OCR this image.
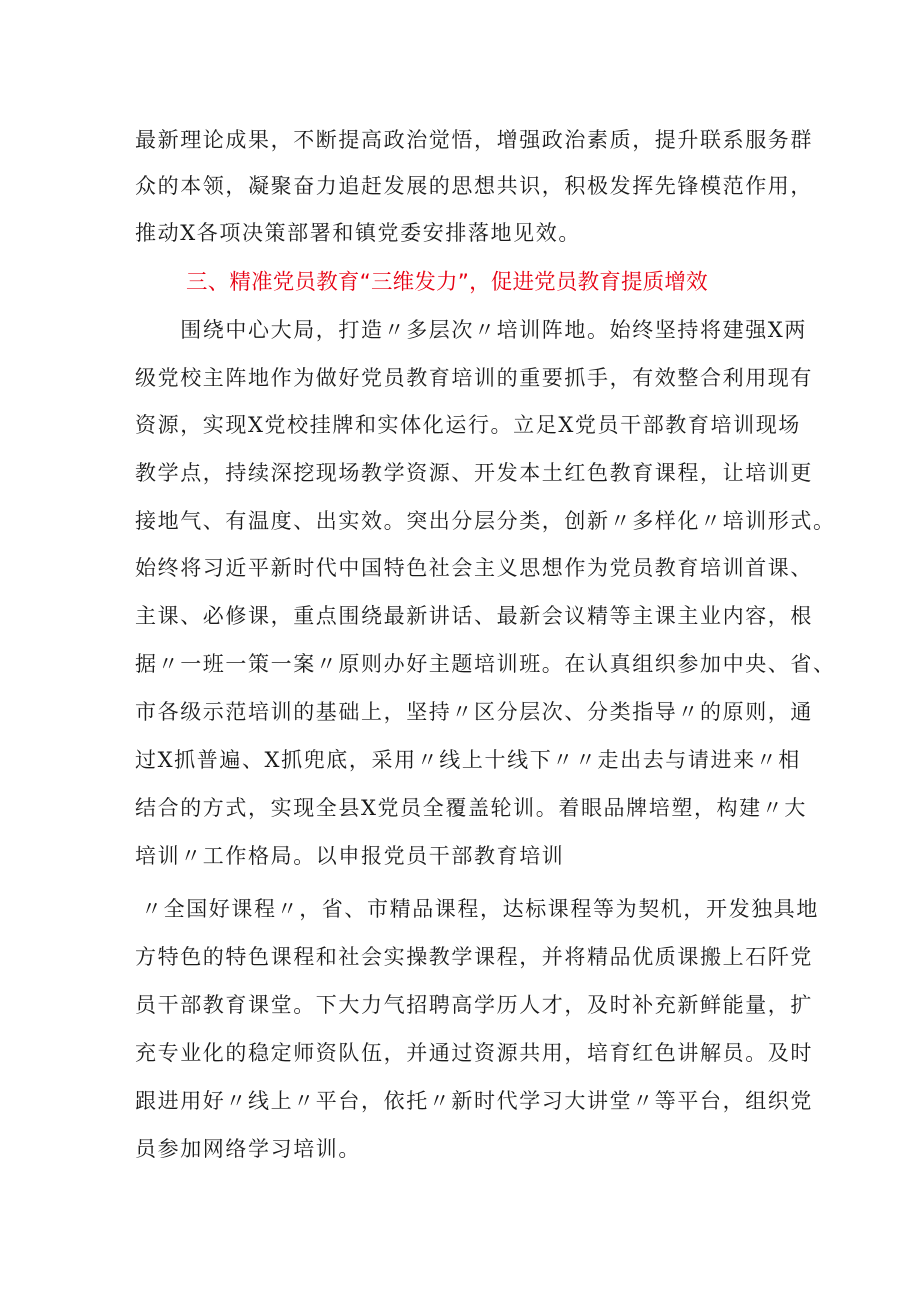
最新理论成果，不断提高政治觉悟，增强政治素质，提升联系服务群
众的本领，凝聚奋力追赶发展的思想共识，积极发挥先锋模范作用，
推动X各项决策部署和镇党委安排落地见效。
三、精准党员教育“三维发力”，促进党员教育提质增效
　　围绕中心大局，打造〃多层次〃培训阵地。始终坚持将建强X两
级党校主阵地作为做好党员教育培训的重要抓手，有效整合利用现有
资源，实现X党校挂牌和实体化运行。立足X党员干部教育培训现场
教学点，持续深挖现场教学资源、开发本土红色教育课程，让培训更
接地气、有温度、出实效。突出分层分类，创新〃多样化〃培训形式。
始终将习近平新时代中国特色社会主义思想作为党员教育培训首课、
主课、必修课，重点围绕最新讲话、最新会议精等主课主业内容，根
据〃一班一策一案〃原则办好主题培训班。在认真组织参加中央、省、
市各级示范培训的基础上，坚持〃区分层次、分类指导〃的原则，通
过X抓普遍、X抓兜底，采用〃线上十线下〃〃走出去与请进来〃相
结合的方式，实现全县X党员全覆盖轮训。着眼品牌培塑，构建〃大
培训〃工作格局。以申报党员干部教育培训
〃全国好课程〃，省、市精品课程，达标课程等为契机，开发独具地
方特色的特色课程和社会实操教学课程，并将精品优质课搬上石阡党
员干部教育课堂。下大力气招聘高学历人才，及时补充新鲜能量，扩
充专业化的稳定师资队伍，并通过资源共用，培育红色讲解员。及时
跟进用好〃线上〃平台，依托〃新时代学习大讲堂〃等平台，组织党
员参加网络学习培训。
